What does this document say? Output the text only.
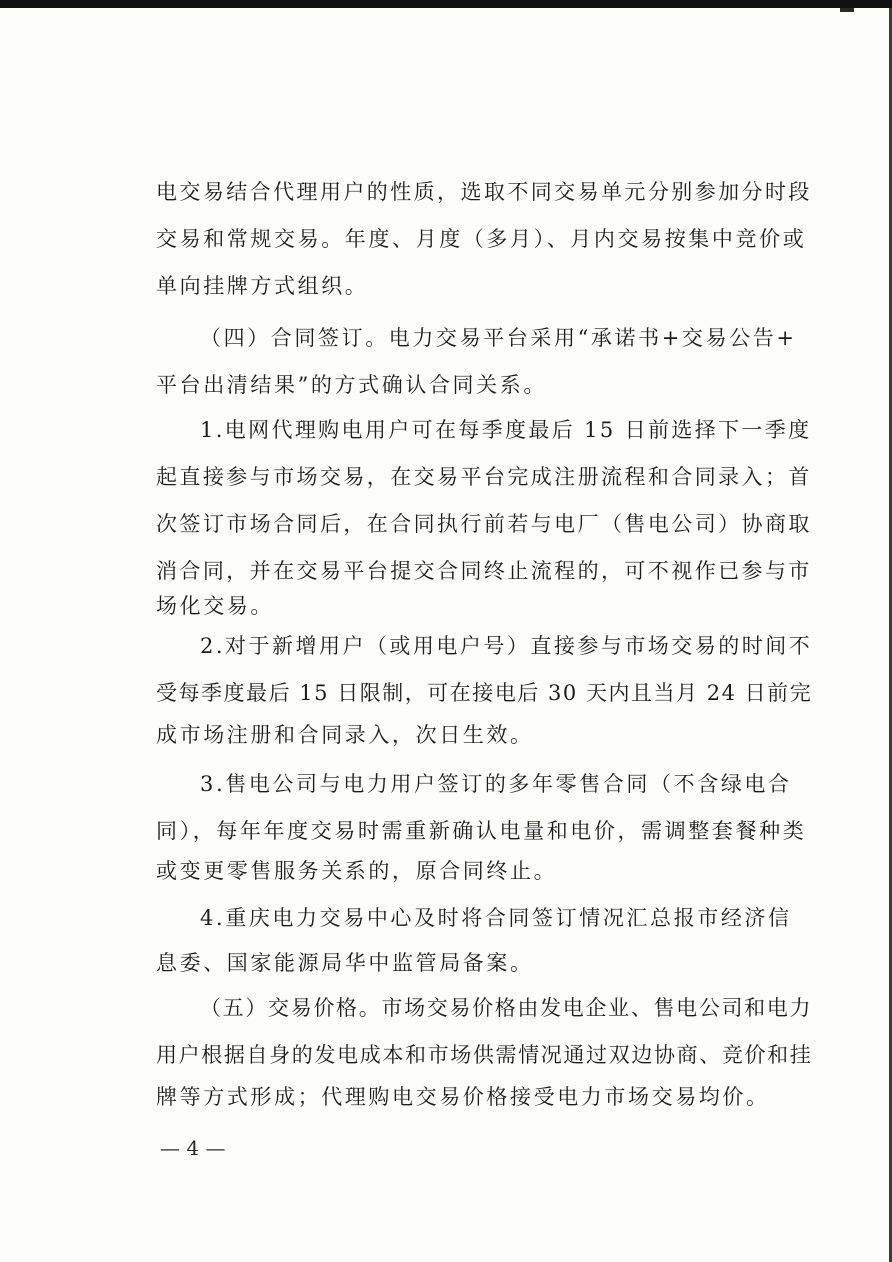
电交易结合代理用户的性质，选取不同交易单元分别参加分时段
交易和常规交易。年度、月度（多月）、月内交易按集中竞价或
单向挂牌方式组织。
（四）合同签订。电力交易平台采用“承诺书+交易公告+
平台出清结果”的方式确认合同关系。
1.电网代理购电用户可在每季度最后 15 日前选择下一季度
起直接参与市场交易，在交易平台完成注册流程和合同录入；首
次签订市场合同后，在合同执行前若与电厂（售电公司）协商取
消合同，并在交易平台提交合同终止流程的，可不视作已参与市
场化交易。
2.对于新增用户（或用电户号）直接参与市场交易的时间不
受每季度最后 15 日限制，可在接电后 30 天内且当月 24 日前完
成市场注册和合同录入，次日生效。
3.售电公司与电力用户签订的多年零售合同（不含绿电合
同），每年年度交易时需重新确认电量和电价，需调整套餐种类
或变更零售服务关系的，原合同终止。
4.重庆电力交易中心及时将合同签订情况汇总报市经济信
息委、国家能源局华中监管局备案。
（五）交易价格。市场交易价格由发电企业、售电公司和电力
用户根据自身的发电成本和市场供需情况通过双边协商、竞价和挂
牌等方式形成；代理购电交易价格接受电力市场交易均价。
— 4 —
